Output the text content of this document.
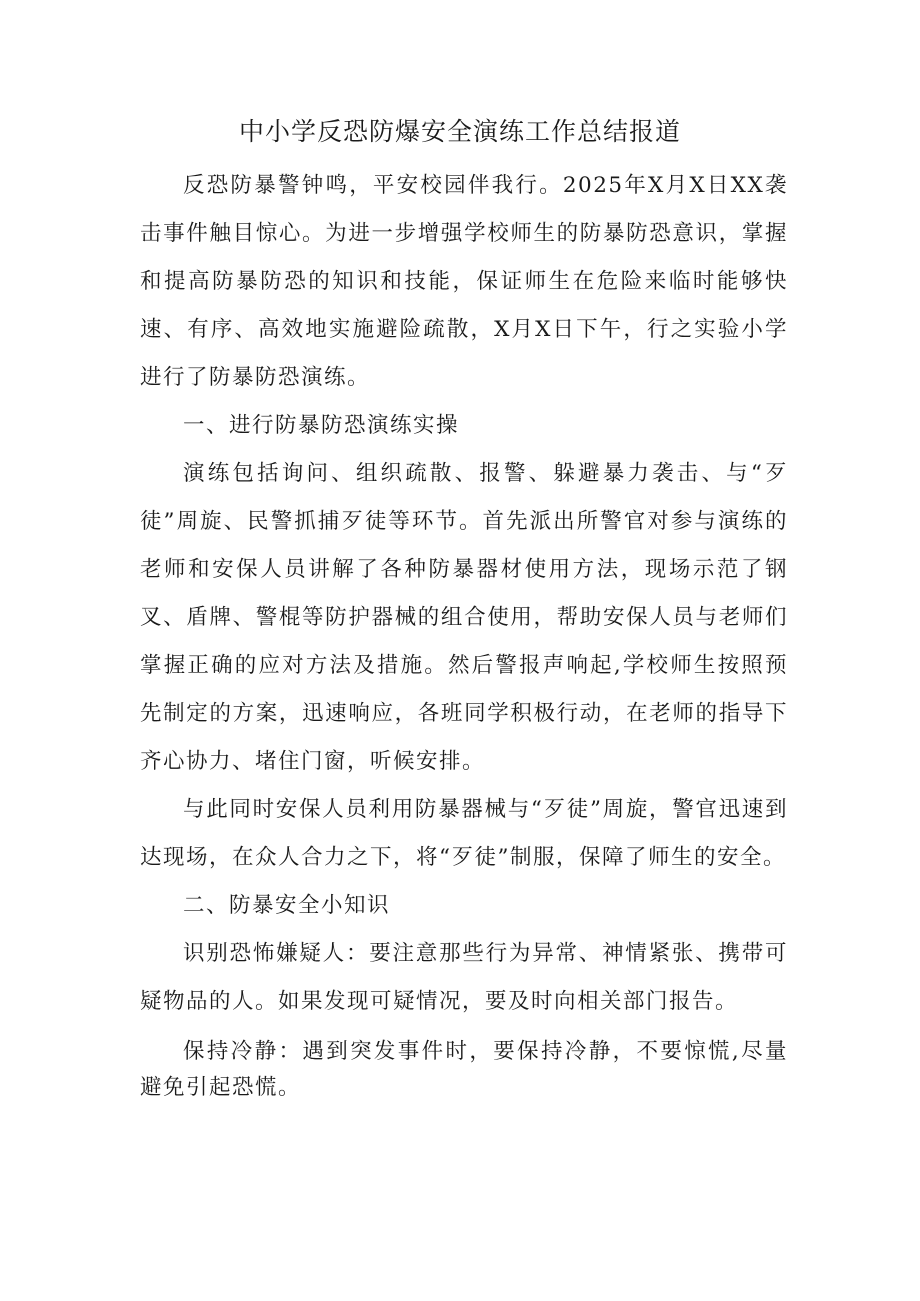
中小学反恐防爆安全演练工作总结报道

反恐防暴警钟鸣，平安校园伴我行。2025年X月X日XX袭击事件触目惊心。为进一步增强学校师生的防暴防恐意识，掌握和提高防暴防恐的知识和技能，保证师生在危险来临时能够快速、有序、高效地实施避险疏散，X月X日下午，行之实验小学进行了防暴防恐演练。

一、进行防暴防恐演练实操

演练包括询问、组织疏散、报警、躲避暴力袭击、与“歹徒”周旋、民警抓捕歹徒等环节。首先派出所警官对参与演练的老师和安保人员讲解了各种防暴器材使用方法，现场示范了钢叉、盾牌、警棍等防护器械的组合使用，帮助安保人员与老师们掌握正确的应对方法及措施。然后警报声响起,学校师生按照预先制定的方案，迅速响应，各班同学积极行动，在老师的指导下齐心协力、堵住门窗，听候安排。

与此同时安保人员利用防暴器械与“歹徒”周旋，警官迅速到达现场，在众人合力之下，将“歹徒”制服，保障了师生的安全。

二、防暴安全小知识

识别恐怖嫌疑人：要注意那些行为异常、神情紧张、携带可疑物品的人。如果发现可疑情况，要及时向相关部门报告。

保持冷静：遇到突发事件时，要保持冷静，不要惊慌,尽量避免引起恐慌。
